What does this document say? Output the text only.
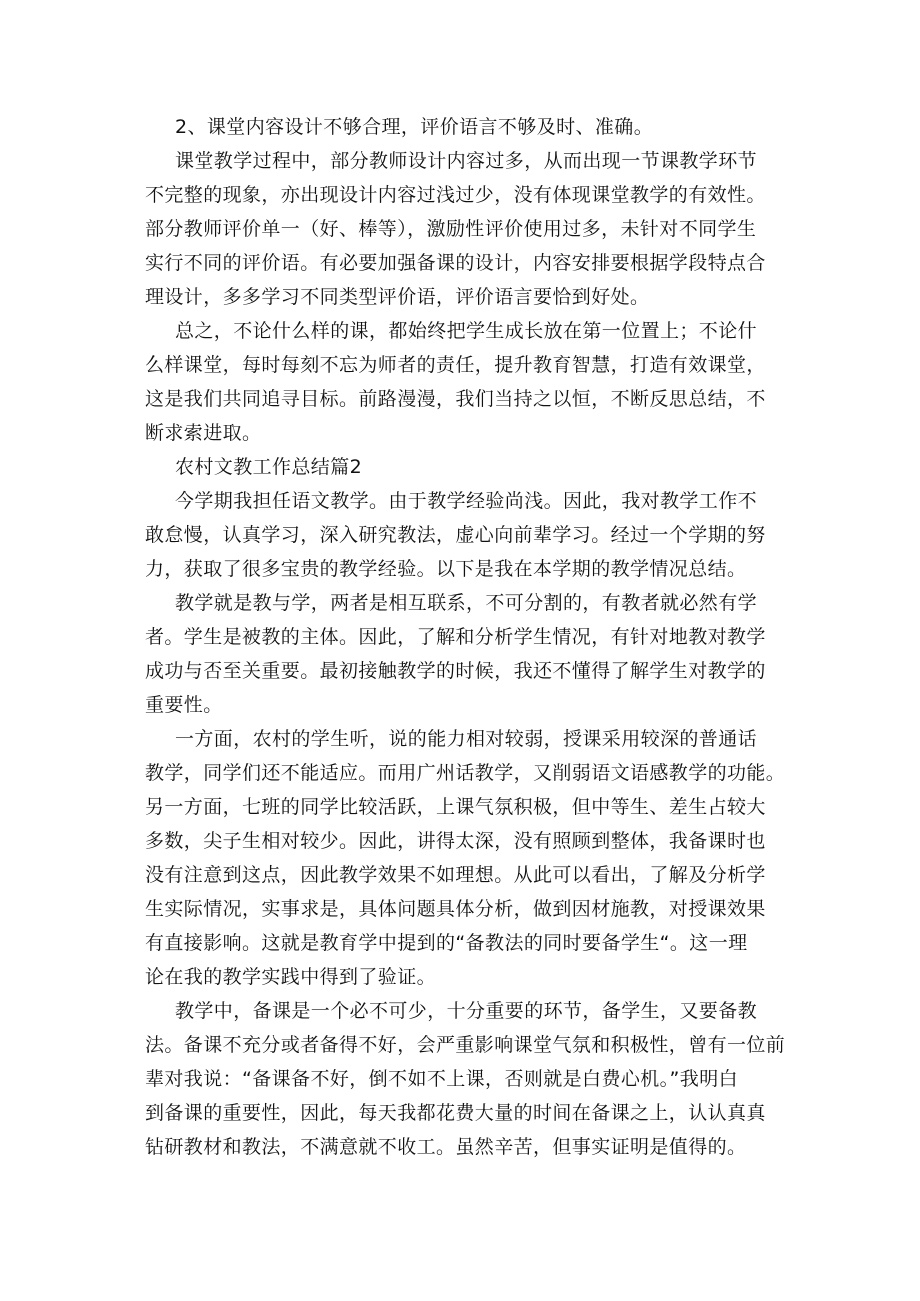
2、课堂内容设计不够合理，评价语言不够及时、准确。

课堂教学过程中，部分教师设计内容过多，从而出现一节课教学环节

不完整的现象，亦出现设计内容过浅过少，没有体现课堂教学的有效性。

部分教师评价单一（好、棒等），激励性评价使用过多，未针对不同学生

实行不同的评价语。有必要加强备课的设计，内容安排要根据学段特点合

理设计，多多学习不同类型评价语，评价语言要恰到好处。

总之，不论什么样的课，都始终把学生成长放在第一位置上；不论什

么样课堂，每时每刻不忘为师者的责任，提升教育智慧，打造有效课堂，

这是我们共同追寻目标。前路漫漫，我们当持之以恒，不断反思总结，不

断求索进取。

农村文教工作总结篇2

今学期我担任语文教学。由于教学经验尚浅。因此，我对教学工作不

敢怠慢，认真学习，深入研究教法，虚心向前辈学习。经过一个学期的努

力，获取了很多宝贵的教学经验。以下是我在本学期的教学情况总结。

教学就是教与学，两者是相互联系，不可分割的，有教者就必然有学

者。学生是被教的主体。因此，了解和分析学生情况，有针对地教对教学

成功与否至关重要。最初接触教学的时候，我还不懂得了解学生对教学的

重要性。

一方面，农村的学生听，说的能力相对较弱，授课采用较深的普通话

教学，同学们还不能适应。而用广州话教学，又削弱语文语感教学的功能。

另一方面，七班的同学比较活跃，上课气氛积极，但中等生、差生占较大

多数，尖子生相对较少。因此，讲得太深，没有照顾到整体，我备课时也

没有注意到这点，因此教学效果不如理想。从此可以看出，了解及分析学

生实际情况，实事求是，具体问题具体分析，做到因材施教，对授课效果

有直接影响。这就是教育学中提到的“备教法的同时要备学生“。这一理

论在我的教学实践中得到了验证。

教学中，备课是一个必不可少，十分重要的环节，备学生，又要备教

法。备课不充分或者备得不好，会严重影响课堂气氛和积极性，曾有一位前

辈对我说：“备课备不好，倒不如不上课，否则就是白费心机。”我明白

到备课的重要性，因此，每天我都花费大量的时间在备课之上，认认真真

钻研教材和教法，不满意就不收工。虽然辛苦，但事实证明是值得的。
